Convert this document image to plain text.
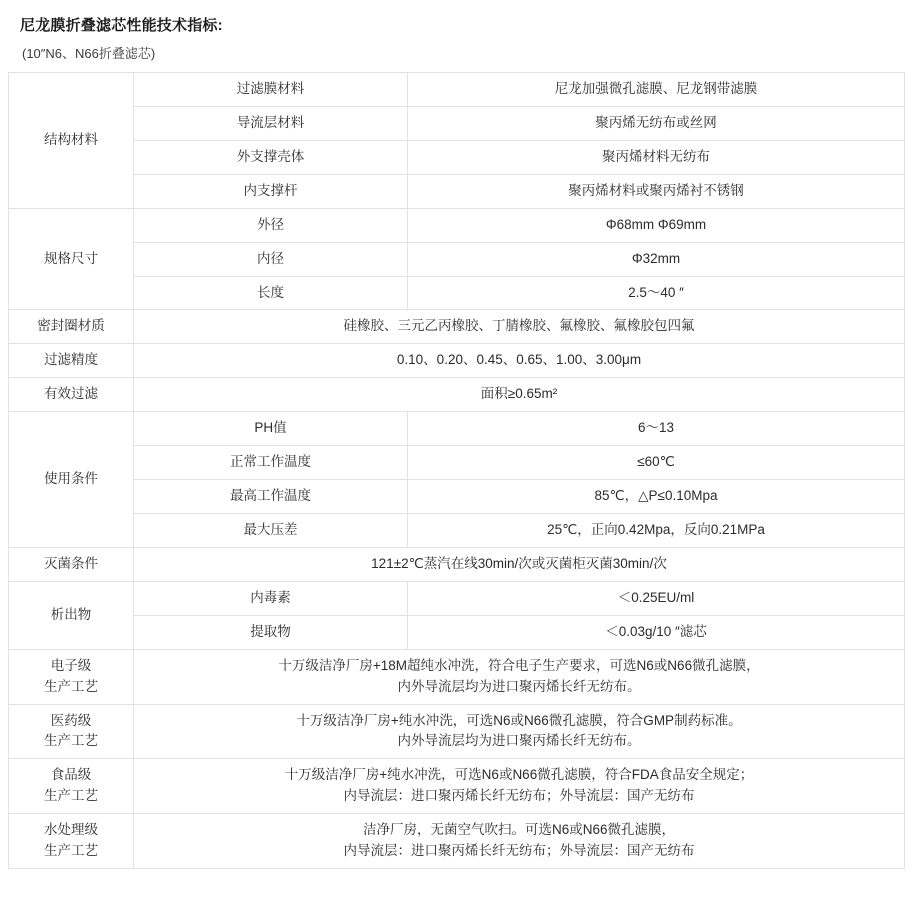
尼龙膜折叠滤芯性能技术指标:
(10″N6、N66折叠滤芯)
结构材料	过滤膜材料	尼龙加强微孔滤膜、尼龙钢带滤膜

	导流层材料	聚丙烯无纺布或丝网

	外支撑壳体	聚丙烯材料无纺布

	内支撑杆	聚丙烯材料或聚丙烯衬不锈钢

规格尺寸	外径	Φ68mm Φ69mm

	内径	Φ32mm

	长度	2.5～40 ″

密封圈材质	硅橡胶、三元乙丙橡胶、丁腈橡胶、氟橡胶、氟橡胶包四氟	

过滤精度	0.10、0.20、0.45、0.65、1.00、3.00μm	

有效过滤	面积≥0.65m²	

使用条件	PH值	6～13

	正常工作温度	≤60℃

	最高工作温度	85℃，△P≤0.10Mpa

	最大压差	25℃，正向0.42Mpa，反向0.21MPa

灭菌条件	121±2℃蒸汽在线30min/次或灭菌柜灭菌30min/次	

析出物	内毒素	＜0.25EU/ml

	提取物	＜0.03g/10 ″滤芯

电子级
生产工艺	十万级洁净厂房+18M超纯水冲洗，符合电子生产要求，可选N6或N66微孔滤膜，
内外导流层均为进口聚丙烯长纤无纺布。	

医药级
生产工艺	十万级洁净厂房+纯水冲洗，可选N6或N66微孔滤膜，符合GMP制药标准。
内外导流层均为进口聚丙烯长纤无纺布。	

食品级
生产工艺	十万级洁净厂房+纯水冲洗，可选N6或N66微孔滤膜，符合FDA食品安全规定；
内导流层：进口聚丙烯长纤无纺布；外导流层：国产无纺布	

水处理级
生产工艺	洁净厂房，无菌空气吹扫。可选N6或N66微孔滤膜，
内导流层：进口聚丙烯长纤无纺布；外导流层：国产无纺布	
